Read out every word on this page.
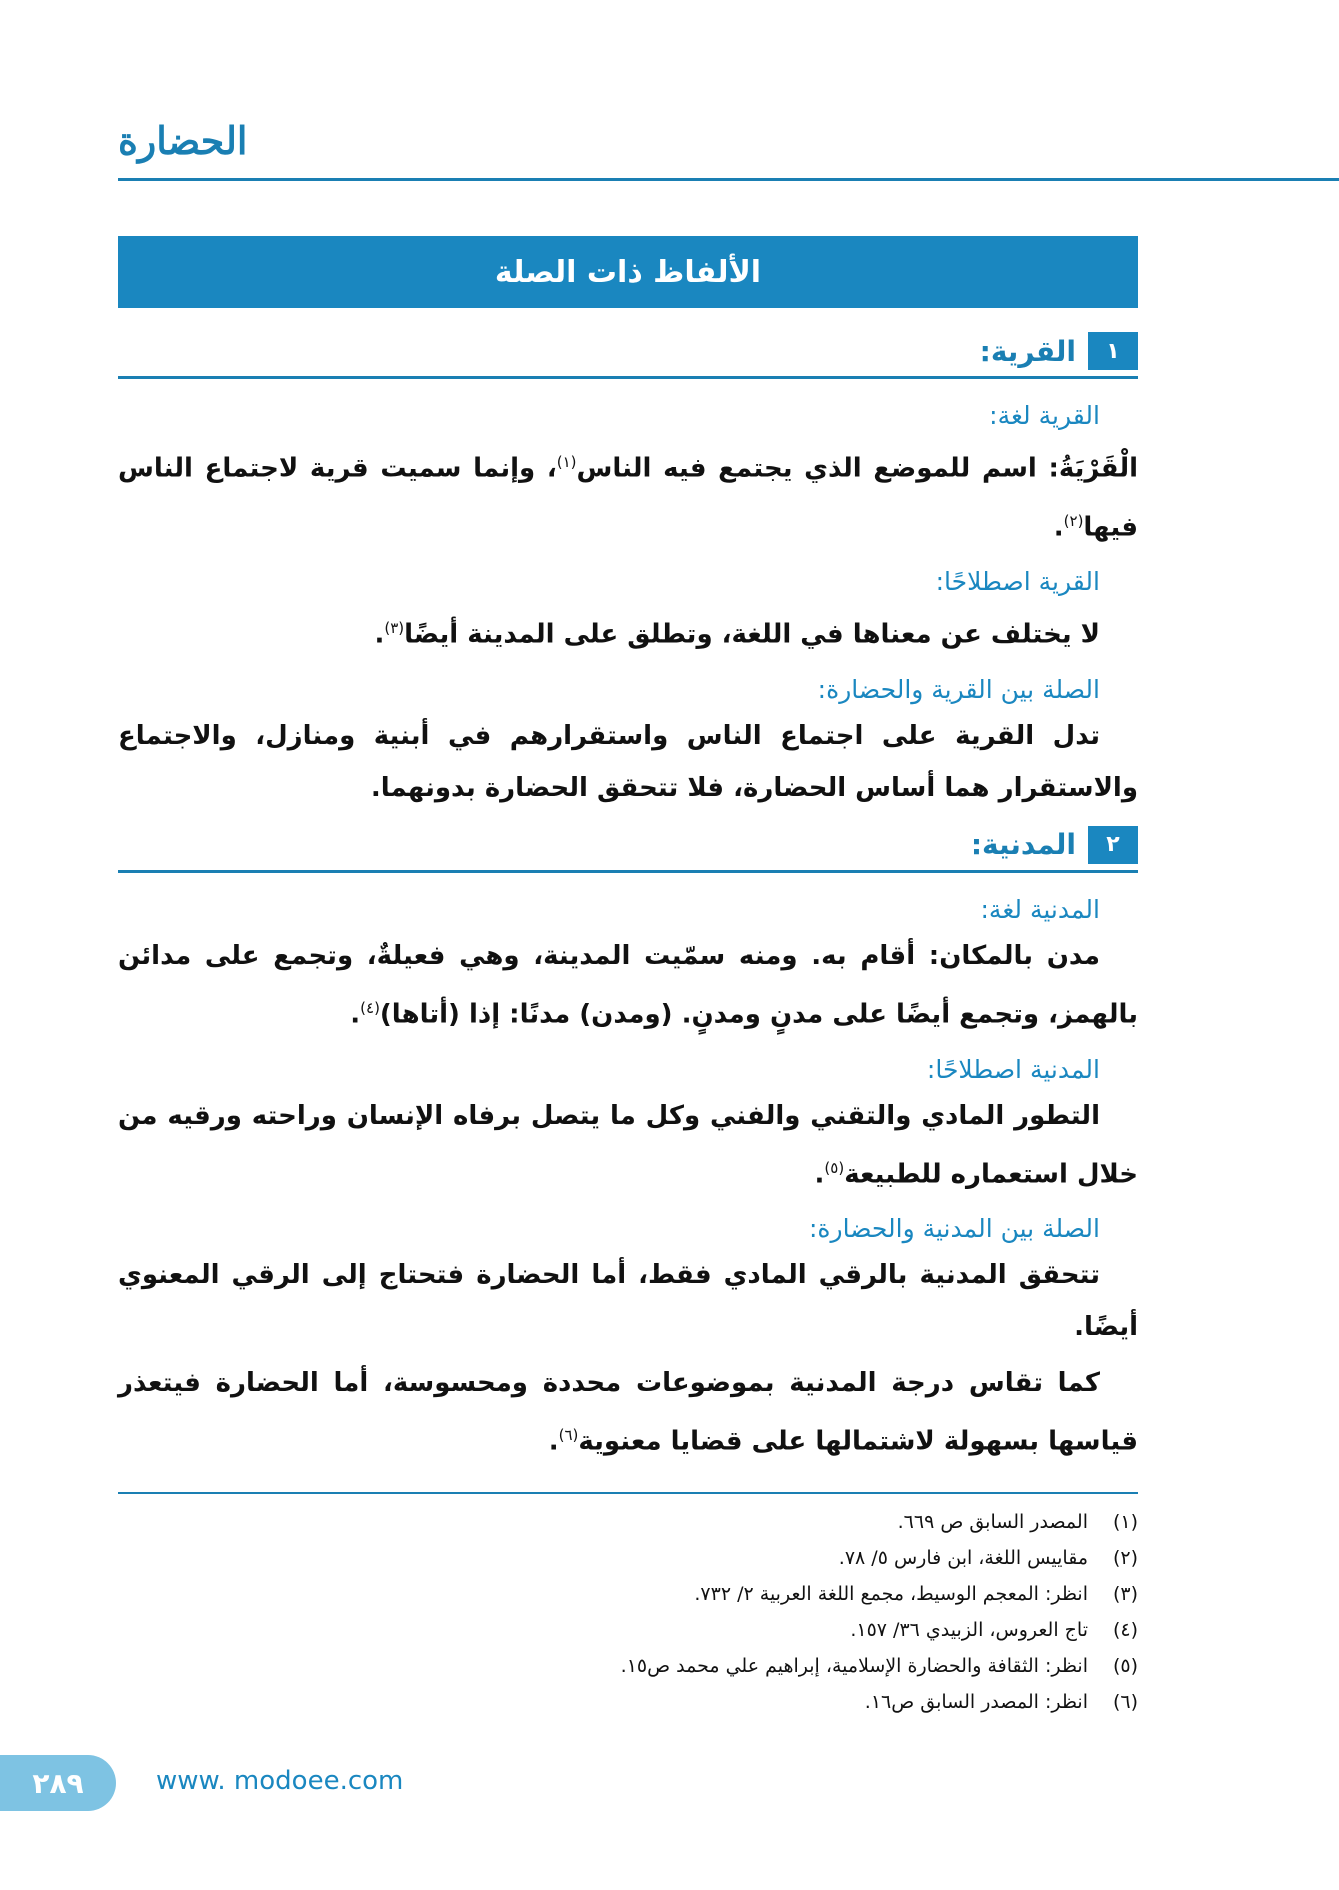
الحضارة
الألفاظ ذات الصلة
١
القرية:
القرية لغة:

الْقَرْيَةُ: اسم للموضع الذي يجتمع فيه الناس$^{(١)}$، وإنما سميت قرية لاجتماع الناس فيها$^{(٢)}$.

القرية اصطلاحًا:

لا يختلف عن معناها في اللغة، وتطلق على المدينة أيضًا$^{(٣)}$.

الصلة بين القرية والحضارة:

تدل القرية على اجتماع الناس واستقرارهم في أبنية ومنازل، والاجتماع والاستقرار هما أساس الحضارة، فلا تتحقق الحضارة بدونهما.

٢
المدنية:
المدنية لغة:

مدن بالمكان: أقام به. ومنه سمّيت المدينة، وهي فعيلةٌ، وتجمع على مدائن بالهمز، وتجمع أيضًا على مدنٍ ومدنٍ. (ومدن) مدنًا: إذا (أتاها)$^{(٤)}$.

المدنية اصطلاحًا:

التطور المادي والتقني والفني وكل ما يتصل برفاه الإنسان وراحته ورقيه من خلال استعماره للطبيعة$^{(٥)}$.

الصلة بين المدنية والحضارة:

تتحقق المدنية بالرقي المادي فقط، أما الحضارة فتحتاج إلى الرقي المعنوي أيضًا.

كما تقاس درجة المدنية بموضوعات محددة ومحسوسة، أما الحضارة فيتعذر قياسها بسهولة لاشتمالها على قضايا معنوية$^{(٦)}$.

(١)
المصدر السابق ص ٦٦٩.
(٢)
مقاييس اللغة، ابن فارس ٥/ ٧٨.
(٣)
انظر: المعجم الوسيط، مجمع اللغة العربية ٢/ ٧٣٢.
(٤)
تاج العروس، الزبيدي ٣٦/ ١٥٧.
(٥)
انظر: الثقافة والحضارة الإسلامية، إبراهيم علي محمد ص١٥.
(٦)
انظر: المصدر السابق ص١٦.
٢٨٩	www. modoee.com
